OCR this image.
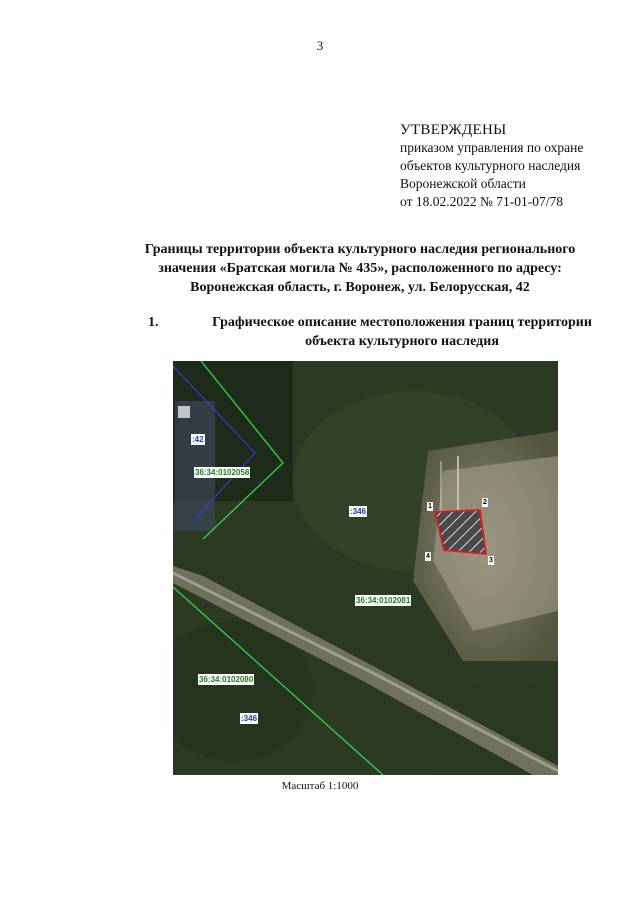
3
УТВЕРЖДЕНЫ
приказом управления по охране
объектов культурного наследия
Воронежской области
от 18.02.2022 № 71-01-07/78
Границы территории объекта культурного наследия регионального
значения «Братская могила № 435», расположенного по адресу:
Воронежская область, г. Воронеж, ул. Белорусская, 42
1.	Графическое описание местоположения границ территории
объекта культурного наследия
:42
36:34:0102058
:346
36:34:0102081
36:34:0102080
:346
1
2
3
4
Масштаб 1:1000
